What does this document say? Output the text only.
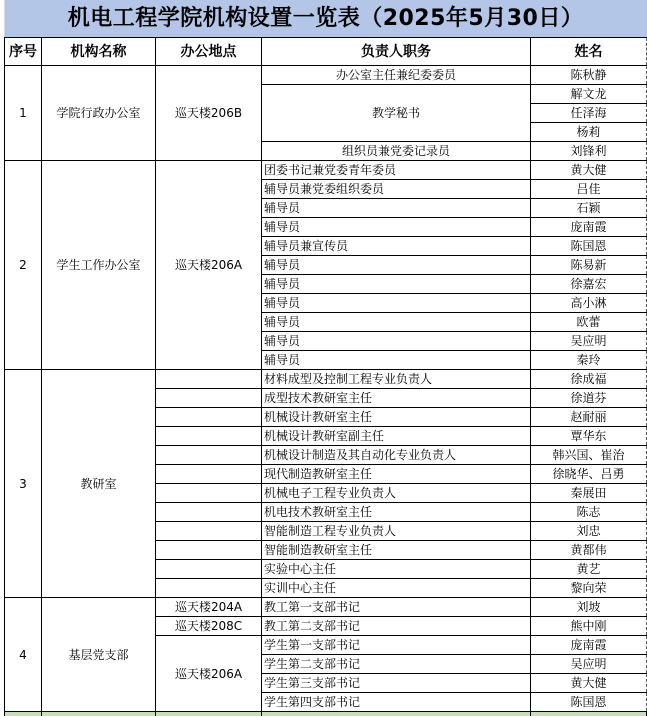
机电工程学院机构设置一览表（2025年5月30日）				
序号	机构名称	办公地点	负责人职务	姓名
1	学院行政办公室	巡天楼206B	办公室主任兼纪委委员	陈秋静
			教学秘书	解文龙
				任泽海
				杨莉
			组织员兼党委记录员	刘锋利
2	学生工作办公室	巡天楼206A	团委书记兼党委青年委员	黄大健
			辅导员兼党委组织委员	吕佳
			辅导员	石颖
			辅导员	庞南霞
			辅导员兼宣传员	陈国恩
			辅导员	陈易新
			辅导员	徐嘉宏
			辅导员	高小淋
			辅导员	欧蕾
			辅导员	吴应明
			辅导员	秦玲
3	教研室		材料成型及控制工程专业负责人	徐成福
			成型技术教研室主任	徐道芬
			机械设计教研室主任	赵耐丽
			机械设计教研室副主任	覃华东
			机械设计制造及其自动化专业负责人	韩兴国、崔治
			现代制造教研室主任	徐晓华、吕勇
			机械电子工程专业负责人	秦展田
			机电技术教研室主任	陈志
			智能制造工程专业负责人	刘忠
			智能制造教研室主任	黄都伟
			实验中心主任	黄艺
			实训中心主任	黎向荣
4	基层党支部	巡天楼204A	教工第一支部书记	刘坡
		巡天楼208C	教工第二支部书记	熊中刚
		巡天楼206A	学生第一支部书记	庞南霞
			学生第二支部书记	吴应明
			学生第三支部书记	黄大健
			学生第四支部书记	陈国恩
